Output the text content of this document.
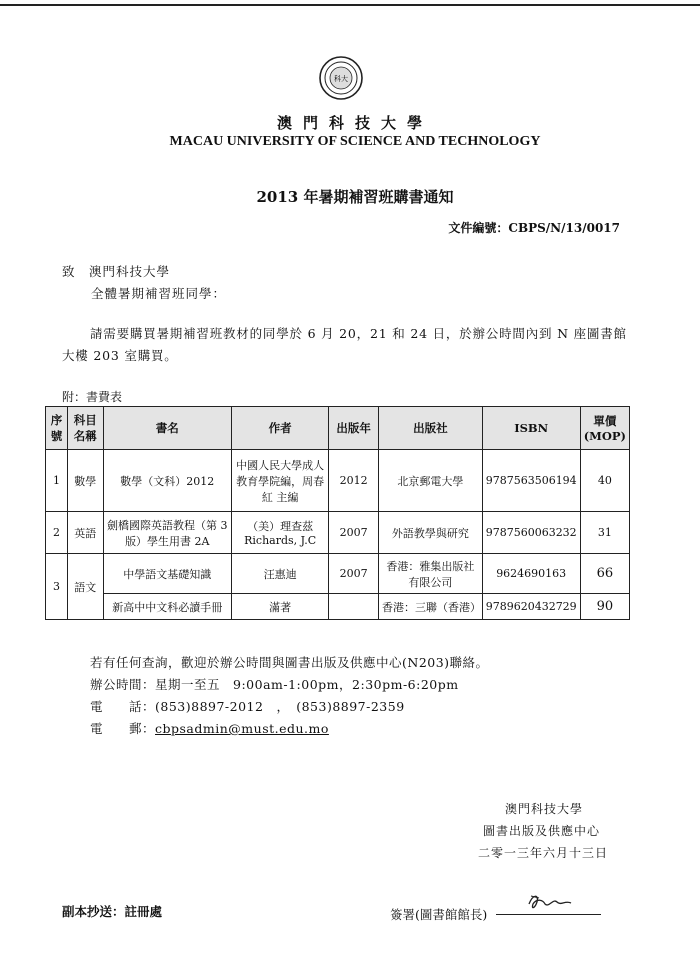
科大
澳門科技大學
MACAU UNIVERSITY OF SCIENCE AND TECHNOLOGY
2013 年暑期補習班購書通知
文件編號：CBPS/N/13/0017
致　澳門科技大學
全體暑期補習班同學：
請需要購買暑期補習班教材的同學於 6 月 20，21 和 24 日，於辦公時間內到 N 座圖書館大樓 203 室購買。
附：書費表
序號	科目名稱	書名	作者	出版年	出版社	ISBN	單價(MOP)
1	數學	數學（文科）2012	中國人民大學成人教育學院編，周春紅 主編	2012	北京郵電大學	9787563506194	40
2	英語	劍橋國際英語教程（第 3 版）學生用書 2A	（美）理查茲 Richards, J.C	2007	外語教學與研究	9787560063232	31
3	語文	中學語文基礎知識	汪惠迪	2007	香港：雅集出版社有限公司	9624690163	66
		新高中中文科必讀手冊	滿著		香港：三聯（香港）	9789620432729	90
若有任何查詢，歡迎於辦公時間與圖書出版及供應中心(N203)聯絡。
辦公時間：星期一至五　9:00am-1:00pm，2:30pm-6:20pm
電　　話：(853)8897-2012　，　(853)8897-2359
電　　郵：cbpsadmin@must.edu.mo
澳門科技大學
圖書出版及供應中心
二零一三年六月十三日
副本抄送：註冊處	簽署(圖書館館長)
